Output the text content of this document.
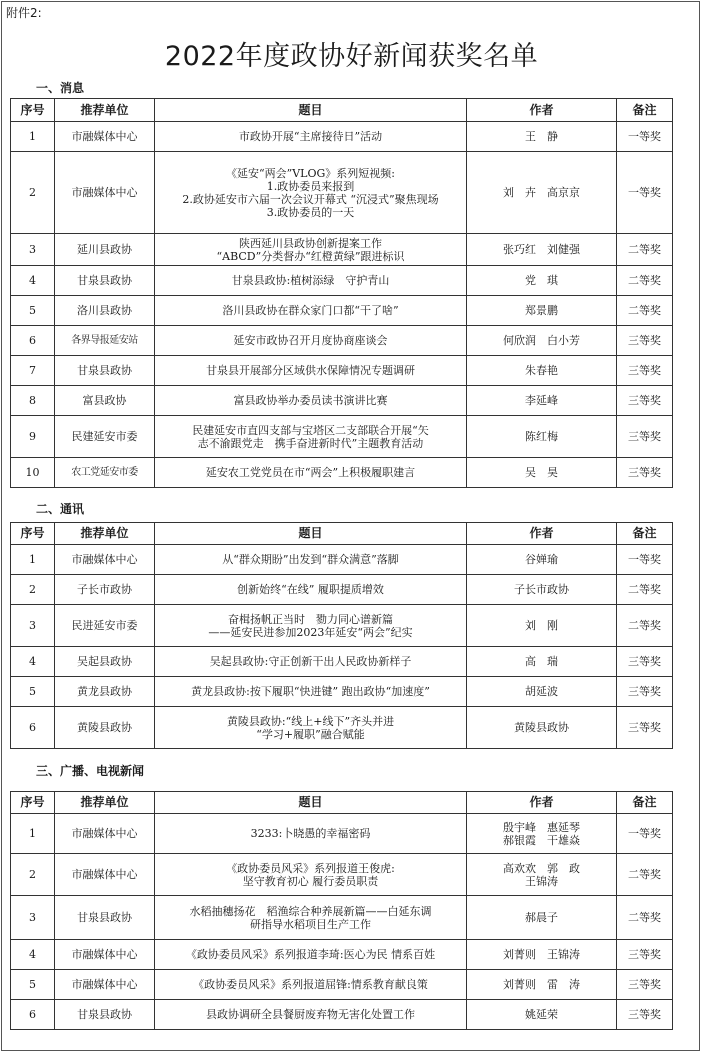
附件2:
2022年度政协好新闻获奖名单
一、消息
序号	推荐单位	题目	作者	备注
1	市融媒体中心	市政协开展“主席接待日”活动	王　静	一等奖
2	市融媒体中心	《延安“两会”VLOG》系列短视频:
1.政协委员来报到
2.政协延安市六届一次会议开幕式 “沉浸式”聚焦现场
3.政协委员的一天	刘　卉　高京京	一等奖
3	延川县政协	陕西延川县政协创新提案工作
“ABCD”分类督办“红橙黄绿”跟进标识	张巧红　刘健强	二等奖
4	甘泉县政协	甘泉县政协:植树添绿　守护青山	党　琪	二等奖
5	洛川县政协	洛川县政协在群众家门口都“干了啥”	郑景鹏	二等奖
6	各界导报延安站	延安市政协召开月度协商座谈会	何欣润　白小芳	三等奖
7	甘泉县政协	甘泉县开展部分区域供水保障情况专题调研	朱春艳	三等奖
8	富县政协	富县政协举办委员读书演讲比赛	李延峰	三等奖
9	民建延安市委	民建延安市直四支部与宝塔区二支部联合开展“矢
志不渝跟党走　携手奋进新时代”主题教育活动	陈红梅	三等奖
10	农工党延安市委	延安农工党党员在市“两会”上积极履职建言	吴　昊	三等奖
二、通讯
序号	推荐单位	题目	作者	备注
1	市融媒体中心	从“群众期盼”出发到“群众满意”落脚	谷婵瑜	一等奖
2	子长市政协	创新始终“在线” 履职提质增效	子长市政协	二等奖
3	民进延安市委	奋楫扬帆正当时　勠力同心谱新篇
——延安民进参加2023年延安“两会”纪实	刘　刚	二等奖
4	吴起县政协	吴起县政协:守正创新干出人民政协新样子	高　瑞	三等奖
5	黄龙县政协	黄龙县政协:按下履职“快进键” 跑出政协“加速度”	胡延波	三等奖
6	黄陵县政协	黄陵县政协:“线上+线下”齐头并进
“学习+履职”融合赋能	黄陵县政协	三等奖
三、广播、电视新闻
序号	推荐单位	题目	作者	备注
1	市融媒体中心	3233:卜晓愚的幸福密码	殷宇峰　惠延琴
郝银霞　干雄焱	一等奖
2	市融媒体中心	《政协委员风采》系列报道王俊虎:
坚守教育初心 履行委员职责	高欢欢　郭　政
王锦涛	二等奖
3	甘泉县政协	水稻抽穗扬花　稻渔综合种养展新篇——白延东调
研指导水稻项目生产工作	郝晨子	二等奖
4	市融媒体中心	《政协委员风采》系列报道李琦:医心为民 情系百姓	刘菁则　王锦涛	三等奖
5	市融媒体中心	《政协委员风采》系列报道屈锋:情系教育献良策	刘菁则　雷　涛	三等奖
6	甘泉县政协	县政协调研全县餐厨废弃物无害化处置工作	姚延荣	三等奖
